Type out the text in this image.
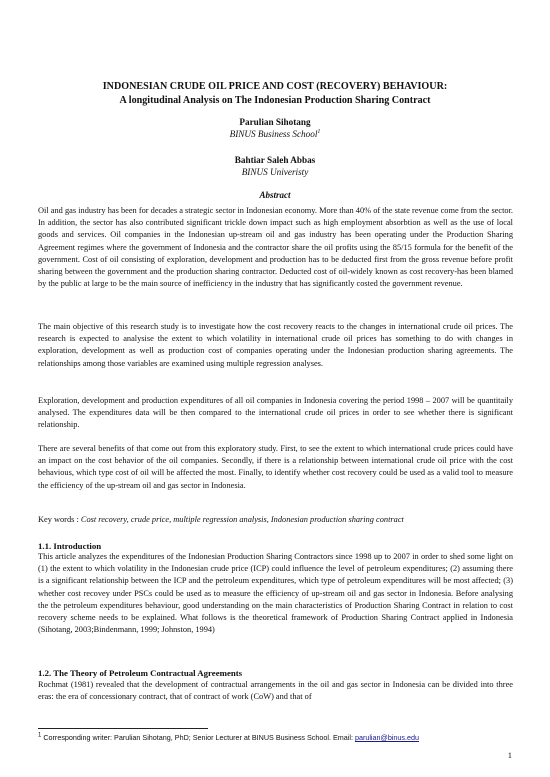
INDONESIAN CRUDE OIL PRICE AND COST (RECOVERY) BEHAVIOUR:
A longitudinal Analysis on The Indonesian Production Sharing Contract
Parulian Sihotang
BINUS Business School$^1$
Bahtiar Saleh Abbas
BINUS Univeristy
Abstract

Oil and gas industry has been for decades a strategic sector in Indonesian economy. More than 40% of the state revenue come from the sector. In addition, the sector has also contributed significant trickle down impact such as high employment absorbtion as well as the use of local goods and services. Oil companies in the Indonesian up-stream oil and gas industry has been operating under the Production Sharing Agreement regimes where the government of Indonesia and the contractor share the oil profits using the 85/15 formula for the benefit of the government. Cost of oil consisting of exploration, development and production has to be deducted first from the gross revenue before profit sharing between the government and the production sharing contractor. Deducted cost of oil-widely known as cost recovery-has been blamed by the public at large to be the main source of inefficiency in the industry that has significantly costed the government revenue.

The main objective of this research study is to investigate how the cost recovery reacts to the changes in international crude oil prices. The research is expected to analysise the extent to which volatility in international crude oil prices has something to do with changes in exploration, development as well as production cost of companies operating under the Indonesian production sharing agreements. The relationships among those variables are examined using multiple regression analyses.

Exploration, development and production expenditures of all oil companies in Indonesia covering the period 1998 – 2007 will be quantitaily analysed. The expenditures data will be then compared to the international crude oil prices in order to see whether there is significant relationship.

There are several benefits of that come out from this exploratory study. First, to see the extent to which international crude prices could have an impact on the cost behavior of the oil companies. Secondly, if there is a relationship between international crude oil price with the cost behavious, which type cost of oil will be affected the most. Finally, to identify whether cost recovery could be used as a valid tool to measure the efficiency of the up-stream oil and gas sector in Indonesia.

Key words : Cost recovery, crude price, multiple regression analysis, Indonesian production sharing contract
1.1. Introduction

This article analyzes the expenditures of the Indonesian Production Sharing Contractors since 1998 up to 2007 in order to shed some light on (1) the extent to which volatility in the Indonesian crude price (ICP) could influence the level of petroleum expenditures; (2) assuming there is a significant relationship between the ICP and the petroleum expenditures, which type of petroleum expenditures will be most affected; (3) whether cost recovey under PSCs could be used as to measure the efficiency of up-stream oil and gas sector in Indonesia. Before analysing the the petroleum expenditures behaviour, good understanding on the main characteristics of Production Sharing Contract in relation to cost recovery scheme needs to be explained. What follows is the theoretical framework of Production Sharing Contract applied in Indonesia (Sihotang, 2003;Bindenmann, 1999; Johnston, 1994)

1.2. The Theory of Petroleum Contractual Agreements

Rochmat (1981) revealed that the development of contractual arrangements in the oil and gas sector in Indonesia can be divided into three eras: the era of concessionary contract, that of contract of work (CoW) and that of

$^1$ Corresponding writer: Parulian Sihotang, PhD; Senior Lecturer at BINUS Business School. Email: parulian@binus.edu
1
